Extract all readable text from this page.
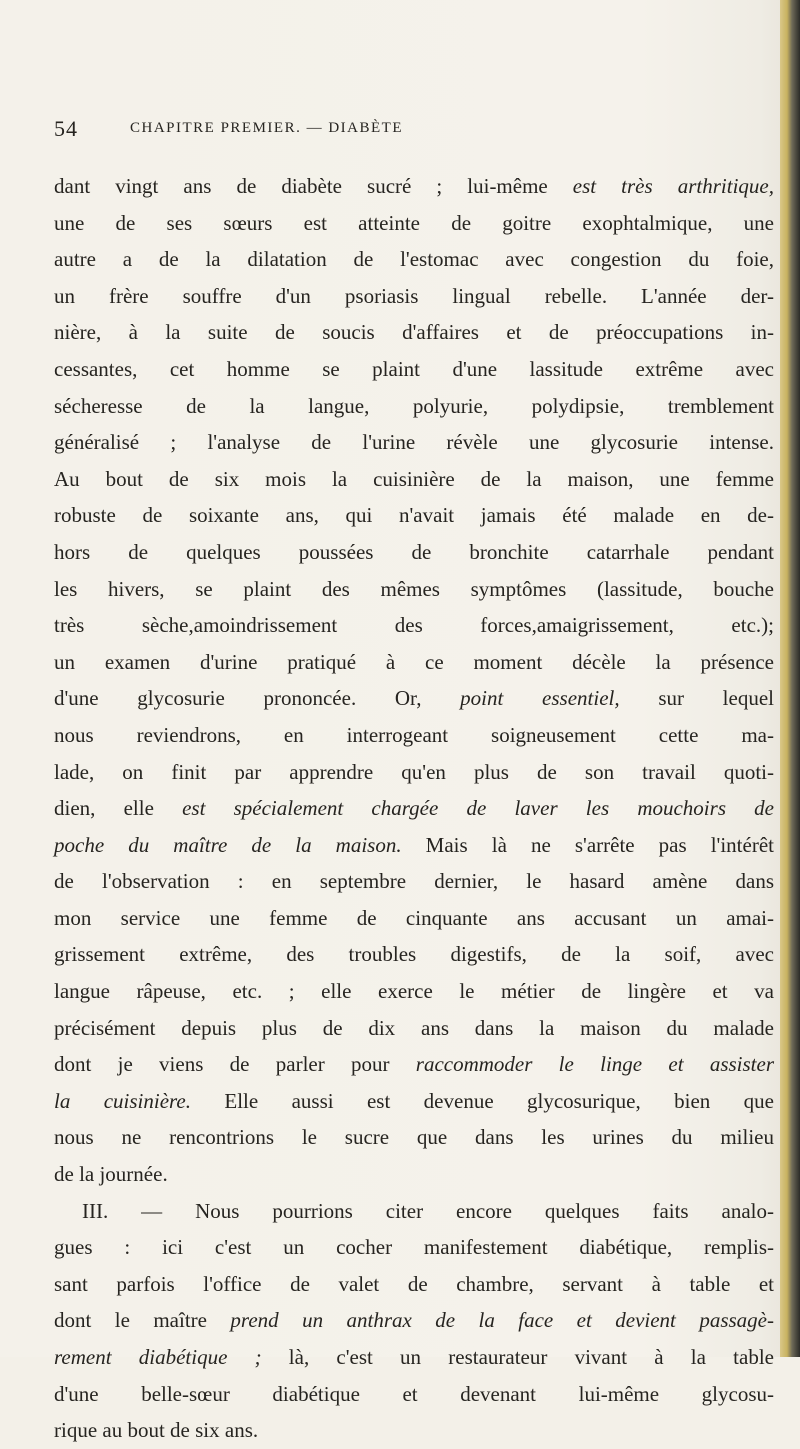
54	CHAPITRE PREMIER. — DIABÈTE
dant vingt ans de diabète sucré ; lui-même est très arthritique,
une de ses sœurs est atteinte de goitre exophtalmique, une
autre a de la dilatation de l'estomac avec congestion du foie,
un frère souffre d'un psoriasis lingual rebelle. L'année der-
nière, à la suite de soucis d'affaires et de préoccupations in-
cessantes, cet homme se plaint d'une lassitude extrême avec
sécheresse de la langue, polyurie, polydipsie, tremblement
généralisé ; l'analyse de l'urine révèle une glycosurie intense.
Au bout de six mois la cuisinière de la maison, une femme
robuste de soixante ans, qui n'avait jamais été malade en de-
hors de quelques poussées de bronchite catarrhale pendant
les hivers, se plaint des mêmes symptômes (lassitude, bouche
très sèche,amoindrissement des forces,amaigrissement, etc.);
un examen d'urine pratiqué à ce moment décèle la présence
d'une glycosurie prononcée. Or, point essentiel, sur lequel
nous reviendrons, en interrogeant soigneusement cette ma-
lade, on finit par apprendre qu'en plus de son travail quoti-
dien, elle est spécialement chargée de laver les mouchoirs de
poche du maître de la maison. Mais là ne s'arrête pas l'intérêt
de l'observation : en septembre dernier, le hasard amène dans
mon service une femme de cinquante ans accusant un amai-
grissement extrême, des troubles digestifs, de la soif, avec
langue râpeuse, etc. ; elle exerce le métier de lingère et va
précisément depuis plus de dix ans dans la maison du malade
dont je viens de parler pour raccommoder le linge et assister
la cuisinière. Elle aussi est devenue glycosurique, bien que
nous ne rencontrions le sucre que dans les urines du milieu
de la journée.
III. — Nous pourrions citer encore quelques faits analo-
gues : ici c'est un cocher manifestement diabétique, remplis-
sant parfois l'office de valet de chambre, servant à table et
dont le maître prend un anthrax de la face et devient passagè-
rement diabétique ; là, c'est un restaurateur vivant à la table
d'une belle-sœur diabétique et devenant lui-même glycosu-
rique au bout de six ans.
